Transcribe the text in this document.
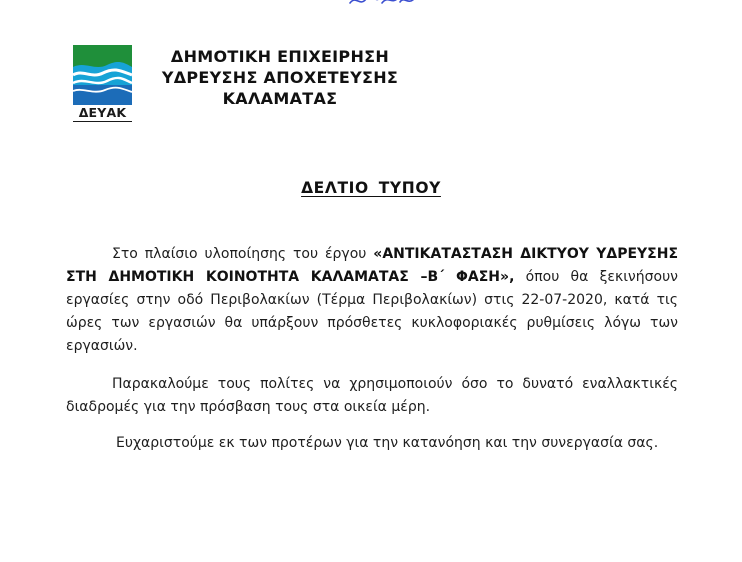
ΔΕΥΑΚ
ΔΗΜΟΤΙΚΗ ΕΠΙΧΕΙΡΗΣΗ
ΥΔΡΕΥΣΗΣ ΑΠΟΧΕΤΕΥΣΗΣ
ΚΑΛΑΜΑΤΑΣ
ΔΕΛΤΙΟ ΤΥΠΟΥ
Στο πλαίσιο υλοποίησης του έργου «ΑΝΤΙΚΑΤΑΣΤΑΣΗ ΔΙΚΤΥΟΥ ΥΔΡΕΥΣΗΣ ΣΤΗ ΔΗΜΟΤΙΚΗ ΚΟΙΝΟΤΗΤΑ ΚΑΛΑΜΑΤΑΣ –Β΄ ΦΑΣΗ», όπου θα ξεκινήσουν εργασίες στην οδό Περιβολακίων (Τέρμα Περιβολακίων) στις 22-07-2020, κατά τις ώρες των εργασιών θα υπάρξουν πρόσθετες κυκλοφοριακές ρυθμίσεις λόγω των εργασιών.
Παρακαλούμε τους πολίτες να χρησιμοποιούν όσο το δυνατό εναλλακτικές διαδρομές για την πρόσβαση τους στα οικεία μέρη.
Ευχαριστούμε εκ των προτέρων για την κατανόηση και την συνεργασία σας.
